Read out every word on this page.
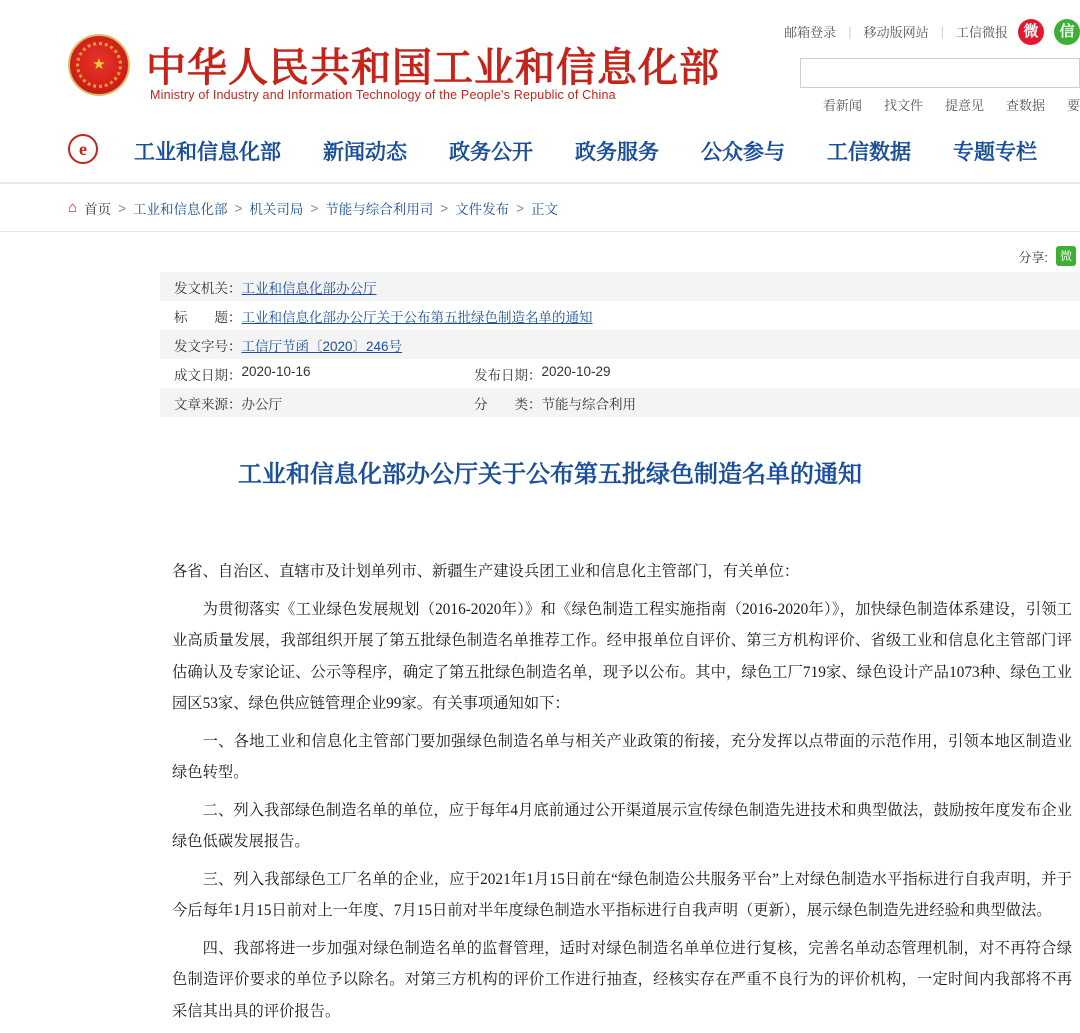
邮箱登录 | 移动版网站 | 工信微报	微	信
★ 中华人民共和国工业和信息化部
Ministry of Industry and Information Technology of the People's Republic of China
看新闻 找文件 提意见 查数据 要
e	工业和信息化部 新闻动态 政务公开 政务服务 公众参与 工信数据 专题专栏
⌂ 首页 > 工业和信息化部 > 机关司局 > 节能与综合利用司 > 文件发布 > 正文
分享: 微
发文机关： 工业和信息化部办公厅
标　　题： 工业和信息化部办公厅关于公布第五批绿色制造名单的通知
发文字号： 工信厅节函〔2020〕246号
成文日期： 2020-10-16	发布日期： 2020-10-29
文章来源： 办公厅	分　　类： 节能与综合利用
工业和信息化部办公厅关于公布第五批绿色制造名单的通知

各省、自治区、直辖市及计划单列市、新疆生产建设兵团工业和信息化主管部门，有关单位：

为贯彻落实《工业绿色发展规划（2016-2020年）》和《绿色制造工程实施指南（2016-2020年）》，加快绿色制造体系建设，引领工业高质量发展，我部组织开展了第五批绿色制造名单推荐工作。经申报单位自评价、第三方机构评价、省级工业和信息化主管部门评估确认及专家论证、公示等程序，确定了第五批绿色制造名单，现予以公布。其中，绿色工厂719家、绿色设计产品1073种、绿色工业园区53家、绿色供应链管理企业99家。有关事项通知如下：

一、各地工业和信息化主管部门要加强绿色制造名单与相关产业政策的衔接，充分发挥以点带面的示范作用，引领本地区制造业绿色转型。

二、列入我部绿色制造名单的单位，应于每年4月底前通过公开渠道展示宣传绿色制造先进技术和典型做法，鼓励按年度发布企业绿色低碳发展报告。

三、列入我部绿色工厂名单的企业，应于2021年1月15日前在“绿色制造公共服务平台”上对绿色制造水平指标进行自我声明，并于今后每年1月15日前对上一年度、7月15日前对半年度绿色制造水平指标进行自我声明（更新），展示绿色制造先进经验和典型做法。

四、我部将进一步加强对绿色制造名单的监督管理，适时对绿色制造名单单位进行复核，完善名单动态管理机制，对不再符合绿色制造评价要求的单位予以除名。对第三方机构的评价工作进行抽查，经核实存在严重不良行为的评价机构，一定时间内我部将不再采信其出具的评价报告。
